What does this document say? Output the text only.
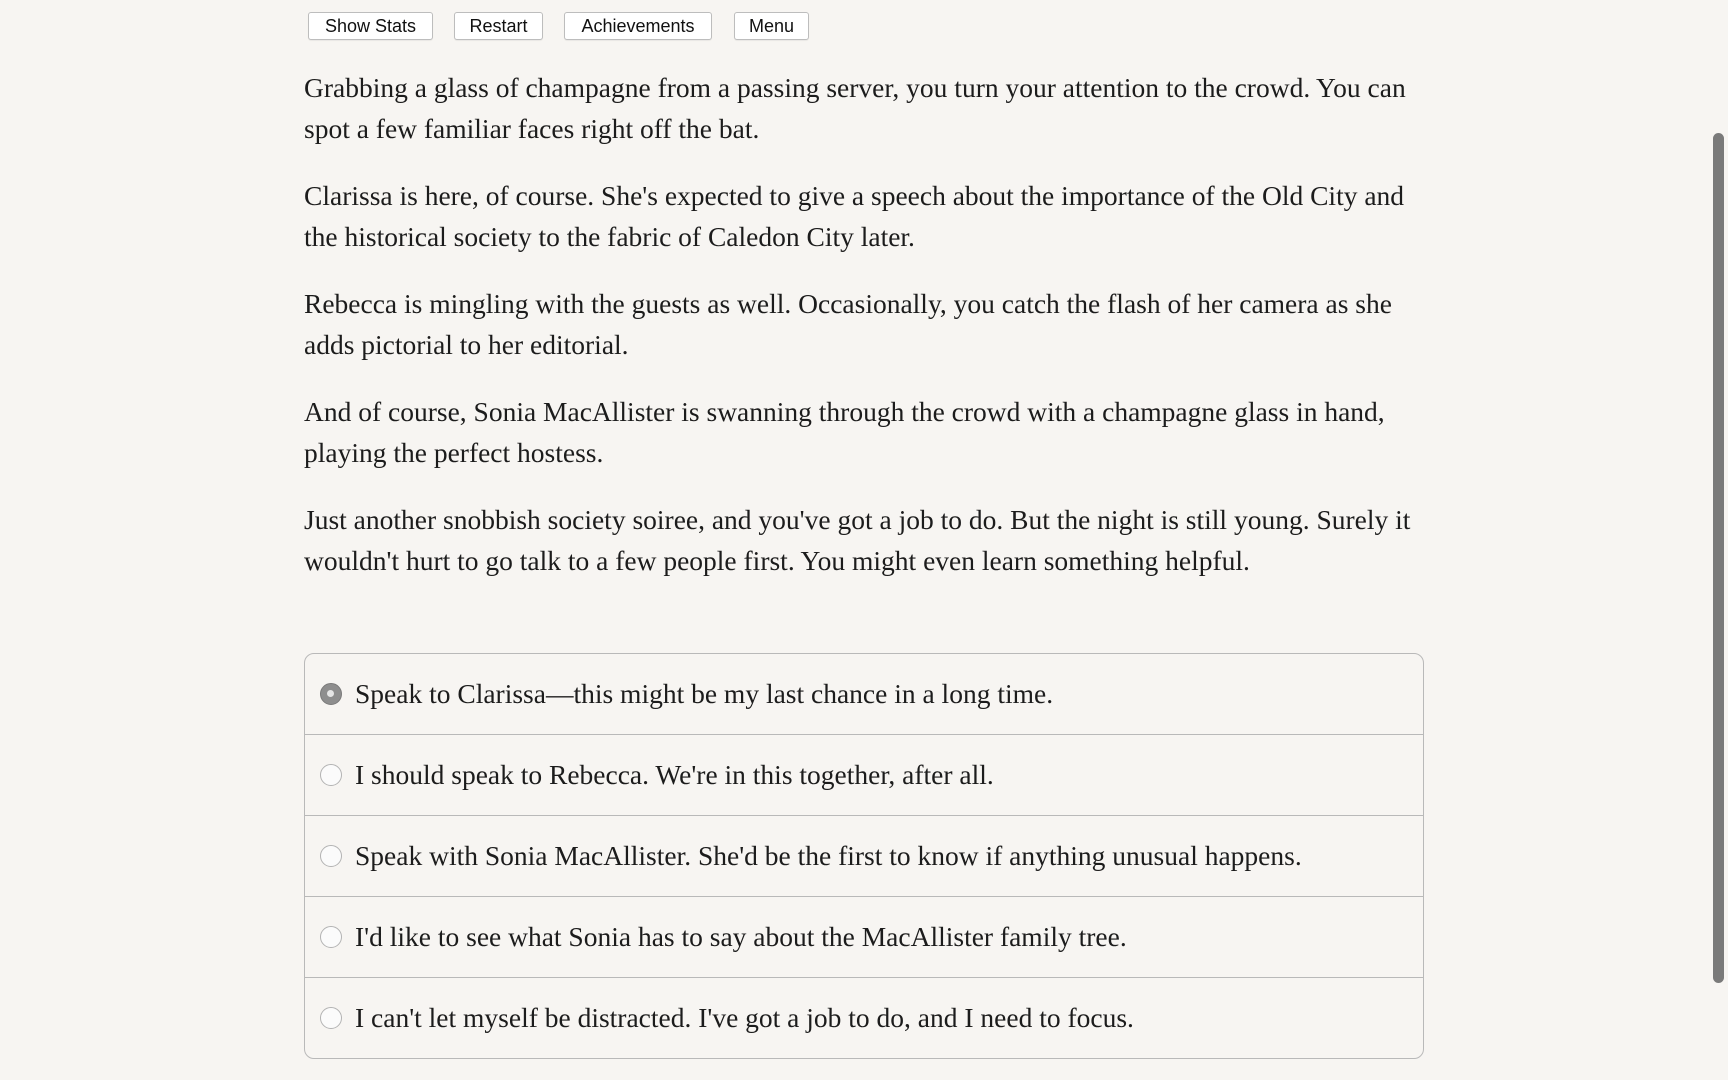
Show Stats	Restart	Achievements	Menu

Grabbing a glass of champagne from a passing server, you turn your attention to the crowd. You can spot a few familiar faces right off the bat.

Clarissa is here, of course. She's expected to give a speech about the importance of the Old City and the historical society to the fabric of Caledon City later.

Rebecca is mingling with the guests as well. Occasionally, you catch the flash of her camera as she adds pictorial to her editorial.

And of course, Sonia MacAllister is swanning through the crowd with a champagne glass in hand, playing the perfect hostess.

Just another snobbish society soiree, and you've got a job to do. But the night is still young. Surely it wouldn't hurt to go talk to a few people first. You might even learn something helpful.

Speak to Clarissa—this might be my last chance in a long time.
I should speak to Rebecca. We're in this together, after all.
Speak with Sonia MacAllister. She'd be the first to know if anything unusual happens.
I'd like to see what Sonia has to say about the MacAllister family tree.
I can't let myself be distracted. I've got a job to do, and I need to focus.
